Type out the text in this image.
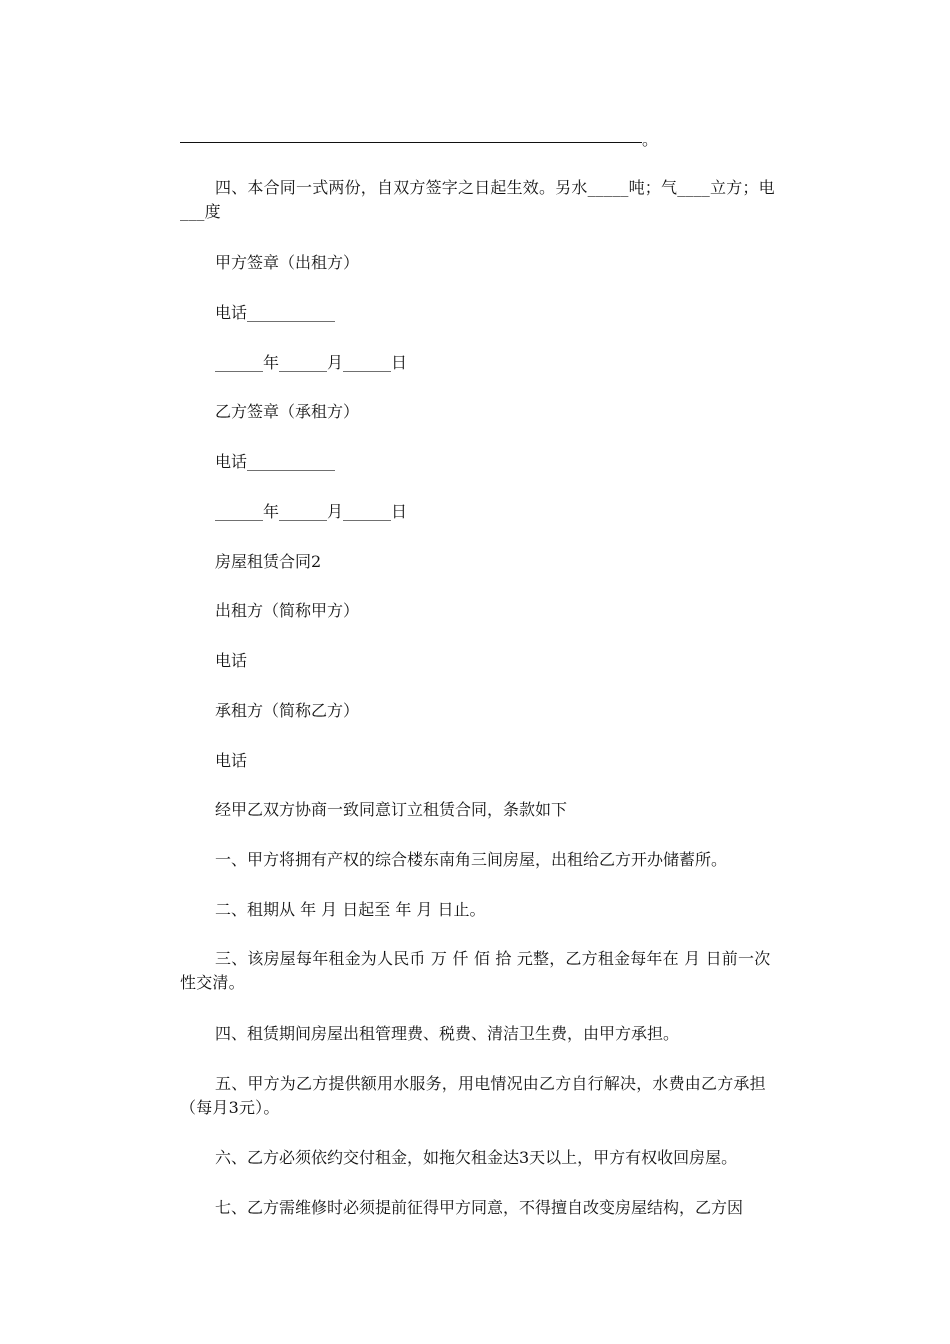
。
四、本合同一式两份，自双方签字之日起生效。另水_____吨；气____立方；电___度
甲方签章（出租方）
电话___________
______年______月______日
乙方签章（承租方）
电话___________
______年______月______日
房屋租赁合同2
出租方（简称甲方）
电话
承租方（简称乙方）
电话
经甲乙双方协商一致同意订立租赁合同，条款如下
一、甲方将拥有产权的综合楼东南角三间房屋，出租给乙方开办储蓄所。
二、租期从 年 月 日起至 年 月 日止。
三、该房屋每年租金为人民币 万 仟 佰 拾 元整，乙方租金每年在 月 日前一次性交清。
四、租赁期间房屋出租管理费、税费、清洁卫生费，由甲方承担。
五、甲方为乙方提供额用水服务，用电情况由乙方自行解决，水费由乙方承担（每月3元）。
六、乙方必须依约交付租金，如拖欠租金达3天以上，甲方有权收回房屋。
七、乙方需维修时必须提前征得甲方同意，不得擅自改变房屋结构，乙方因
